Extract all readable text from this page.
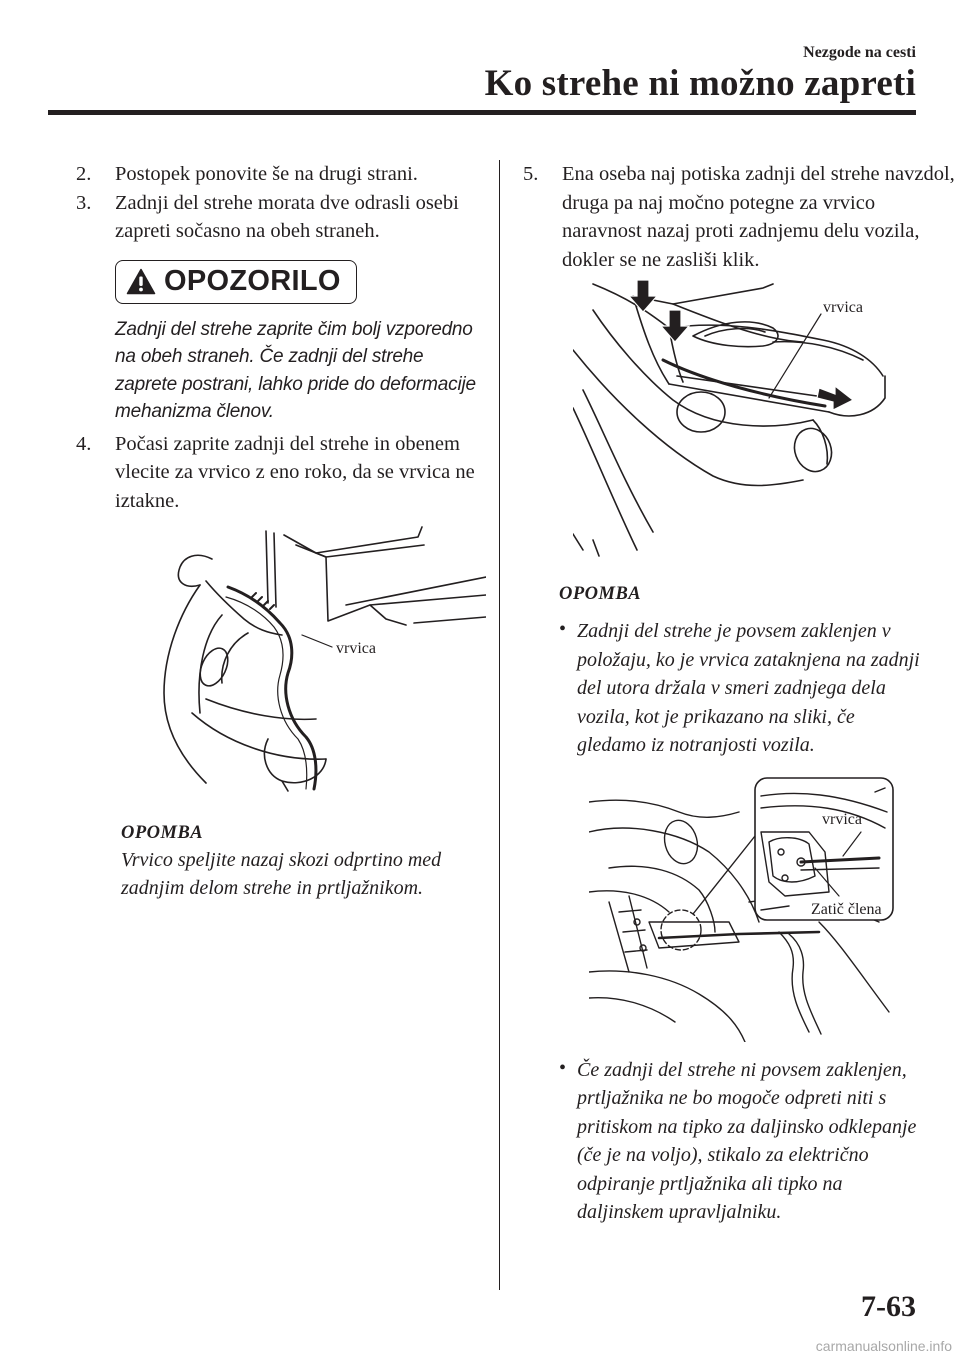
Nezgode na cesti
Ko strehe ni možno zapreti
2. Postopek ponovite še na drugi strani.
3. Zadnji del strehe morata dve odrasli osebi zapreti sočasno na obeh straneh.
OPOZORILO
Zadnji del strehe zaprite čim bolj vzporedno na obeh straneh. Če zadnji del strehe zaprete postrani, lahko pride do deformacije mehanizma členov.
4. Počasi zaprite zadnji del strehe in obenem vlecite za vrvico z eno roko, da se vrvica ne iztakne.
vrvica
OPOMBA
Vrvico speljite nazaj skozi odprtino med zadnjim delom strehe in prtljažnikom.
5. Ena oseba naj potiska zadnji del strehe navzdol, druga pa naj močno potegne za vrvico naravnost nazaj proti zadnjemu delu vozila, dokler se ne zasliši klik.
vrvica
OPOMBA
• Zadnji del strehe je povsem zaklenjen v položaju, ko je vrvica zataknjena na zadnji del utora držala v smeri zadnjega dela vozila, kot je prikazano na sliki, če gledamo iz notranjosti vozila.
vrvica
Zatič člena
• Če zadnji del strehe ni povsem zaklenjen, prtljažnika ne bo mogoče odpreti niti s pritiskom na tipko za daljinsko odklepanje (če je na voljo), stikalo za električno odpiranje prtljažnika ali tipko na daljinskem upravljalniku.
7-63
carmanualsonline.info
